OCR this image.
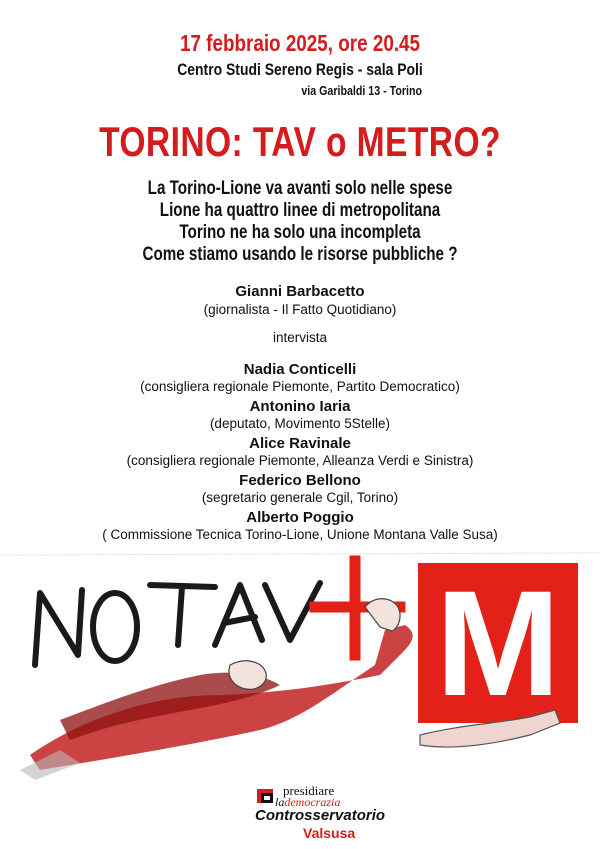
17 febbraio 2025, ore 20.45
Centro Studi Sereno Regis - sala Poli
via Garibaldi 13 - Torino
TORINO: TAV o METRO?
La Torino-Lione va avanti solo nelle spese
Lione ha quattro linee di metropolitana
Torino ne ha solo una incompleta
Come stiamo usando le risorse pubbliche ?
Gianni Barbacetto
(giornalista - Il Fatto Quotidiano)
intervista
Nadia Conticelli
(consigliera regionale Piemonte, Partito Democratico)
Antonino Iaria
(deputato, Movimento 5Stelle)
Alice Ravinale
(consigliera regionale Piemonte, Alleanza Verdi e Sinistra)
Federico Bellono
(segretario generale Cgil, Torino)
Alberto Poggio
( Commissione Tecnica Torino-Lione, Unione Montana Valle Susa)
M
presidiare
lademocrazia
Controsservatorio
Valsusa
